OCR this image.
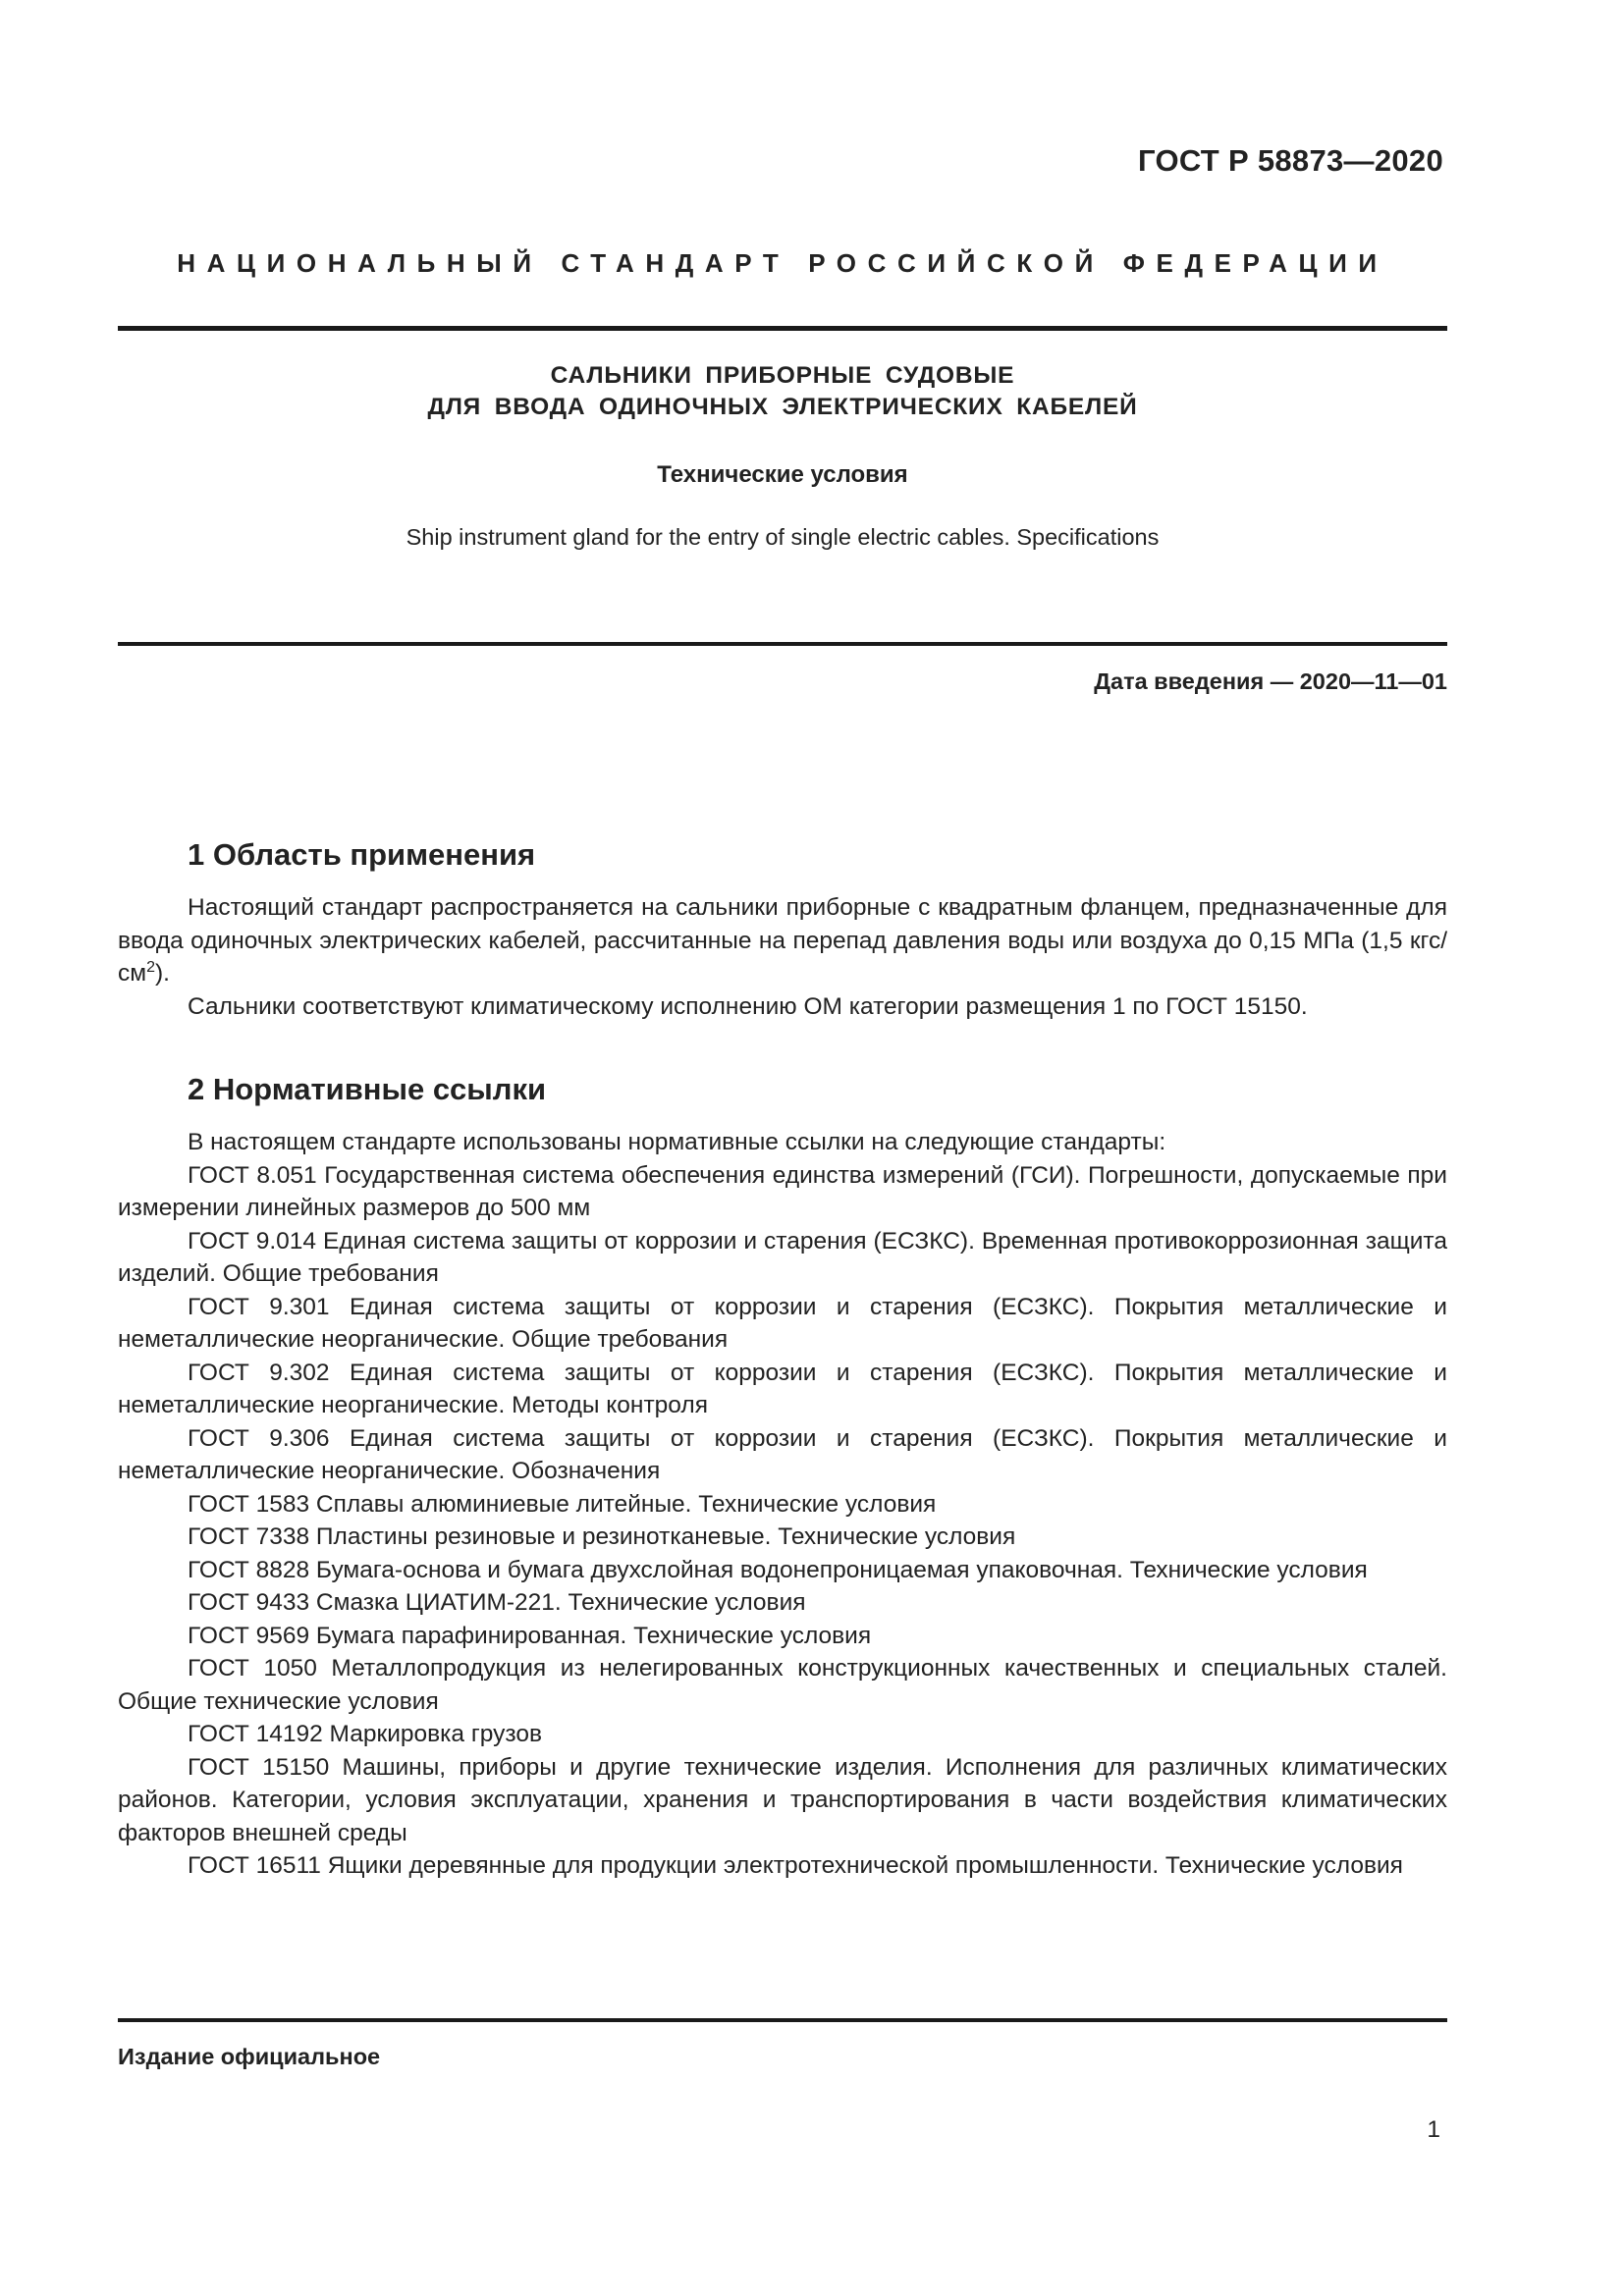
ГОСТ Р 58873—2020
НАЦИОНАЛЬНЫЙ СТАНДАРТ РОССИЙСКОЙ ФЕДЕРАЦИИ
САЛЬНИКИ ПРИБОРНЫЕ СУДОВЫЕ
ДЛЯ ВВОДА ОДИНОЧНЫХ ЭЛЕКТРИЧЕСКИХ КАБЕЛЕЙ
Технические условия
Ship instrument gland for the entry of single electric cables. Specifications
Дата введения — 2020—11—01
1 Область применения

Настоящий стандарт распространяется на сальники приборные с квадратным фланцем, предназначенные для ввода одиночных электрических кабелей, рассчитанные на перепад давления воды или воздуха до 0,15 МПа (1,5 кгс/$см^2$).

Сальники соответствуют климатическому исполнению ОМ категории размещения 1 по ГОСТ 15150.

2 Нормативные ссылки

В настоящем стандарте использованы нормативные ссылки на следующие стандарты:

ГОСТ 8.051 Государственная система обеспечения единства измерений (ГСИ). Погрешности, допускаемые при измерении линейных размеров до 500 мм

ГОСТ 9.014 Единая система защиты от коррозии и старения (ЕСЗКС). Временная противокоррозионная защита изделий. Общие требования

ГОСТ 9.301 Единая система защиты от коррозии и старения (ЕСЗКС). Покрытия металлические и неметаллические неорганические. Общие требования

ГОСТ 9.302 Единая система защиты от коррозии и старения (ЕСЗКС). Покрытия металлические и неметаллические неорганические. Методы контроля

ГОСТ 9.306 Единая система защиты от коррозии и старения (ЕСЗКС). Покрытия металлические и неметаллические неорганические. Обозначения

ГОСТ 1583 Сплавы алюминиевые литейные. Технические условия

ГОСТ 7338 Пластины резиновые и резинотканевые. Технические условия

ГОСТ 8828 Бумага-основа и бумага двухслойная водонепроницаемая упаковочная. Технические условия

ГОСТ 9433 Смазка ЦИАТИМ-221. Технические условия

ГОСТ 9569 Бумага парафинированная. Технические условия

ГОСТ 1050 Металлопродукция из нелегированных конструкционных качественных и специальных сталей. Общие технические условия

ГОСТ 14192 Маркировка грузов

ГОСТ 15150 Машины, приборы и другие технические изделия. Исполнения для различных климатических районов. Категории, условия эксплуатации, хранения и транспортирования в части воздействия климатических факторов внешней среды

ГОСТ 16511 Ящики деревянные для продукции электротехнической промышленности. Технические условия

Издание официальное
1
